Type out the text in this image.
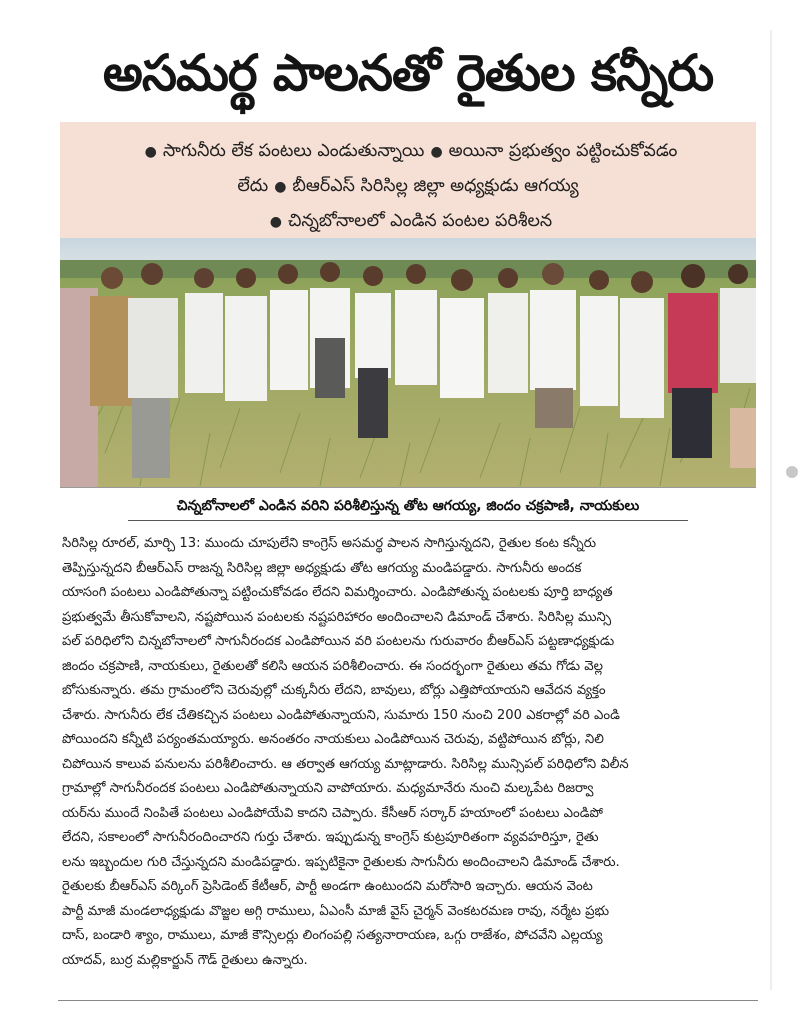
అసమర్థ పాలనతో రైతుల కన్నీరు
● సాగునీరు లేక పంటలు ఎండుతున్నాయి ● అయినా ప్రభుత్వం పట్టించుకోవడం
లేదు ● బీఆర్ఎస్ సిరిసిల్ల జిల్లా అధ్యక్షుడు ఆగయ్య
● చిన్నబోనాలలో ఎండిన పంటల పరిశీలన
చిన్నబోనాలలో ఎండిన వరిని పరిశీలిస్తున్న తోట ఆగయ్య, జిందం చక్రపాణి, నాయకులు
సిరిసిల్ల రూరల్, మార్చి 13: ముందు చూపులేని కాంగ్రెస్ అసమర్థ పాలన సాగిస్తున్నదని, రైతుల కంట కన్నీరు
తెప్పిస్తున్నదని బీఆర్ఎస్ రాజన్న సిరిసిల్ల జిల్లా అధ్యక్షుడు తోట ఆగయ్య మండిపడ్డారు. సాగునీరు అందక
యాసంగి పంటలు ఎండిపోతున్నా పట్టించుకోవడం లేదని విమర్శించారు. ఎండిపోతున్న పంటలకు పూర్తి బాధ్యత
ప్రభుత్వమే తీసుకోవాలని, నష్టపోయిన పంటలకు నష్టపరిహారం అందించాలని డిమాండ్ చేశారు. సిరిసిల్ల మున్సి
పల్ పరిధిలోని చిన్నబోనాలలో సాగునీరందక ఎండిపోయిన వరి పంటలను గురువారం బీఆర్ఎస్ పట్టణాధ్యక్షుడు
జిందం చక్రపాణి, నాయకులు, రైతులతో కలిసి ఆయన పరిశీలించారు. ఈ సందర్భంగా రైతులు తమ గోడు వెల్ల
బోసుకున్నారు. తమ గ్రామంలోని చెరువుల్లో చుక్కనీరు లేదని, బావులు, బోర్లు ఎత్తిపోయాయని ఆవేదన వ్యక్తం
చేశారు. సాగునీరు లేక చేతికచ్చిన పంటలు ఎండిపోతున్నాయని, సుమారు 150 నుంచి 200 ఎకరాల్లో వరి ఎండి
పోయిందని కన్నీటి పర్యంతమయ్యారు. అనంతరం నాయకులు ఎండిపోయిన చెరువు, వట్టిపోయిన బోర్లు, నిలి
చిపోయిన కాలువ పనులను పరిశీలించారు. ఆ తర్వాత ఆగయ్య మాట్లాడారు. సిరిసిల్ల మున్సిపల్ పరిధిలోని విలీన
గ్రామాల్లో సాగునీరందక పంటలు ఎండిపోతున్నాయని వాపోయారు. మధ్యమానేరు నుంచి మల్కపేట రిజర్వా
యర్‌ను ముందే నింపితే పంటలు ఎండిపోయేవి కాదని చెప్పారు. కేసీఆర్ సర్కార్ హయాంలో పంటలు ఎండిపో
లేదని, సకాలంలో సాగునీరందించారని గుర్తు చేశారు. ఇప్పుడున్న కాంగ్రెస్ కుట్రపూరితంగా వ్యవహరిస్తూ, రైతు
లను ఇబ్బందుల గురి చేస్తున్నదని మండిపడ్డారు. ఇప్పటికైనా రైతులకు సాగునీరు అందించాలని డిమాండ్ చేశారు.
రైతులకు బీఆర్ఎస్ వర్కింగ్ ప్రెసిడెంట్ కేటీఆర్, పార్టీ అండగా ఉంటుందని మరోసారి ఇచ్చారు. ఆయన వెంట
పార్టీ మాజీ మండలాధ్యక్షుడు వొజ్జల అగ్గి రాములు, ఏఎంసీ మాజీ వైస్ చైర్మన్ వెంకటరమణ రావు, నర్మేట ప్రభు
దాస్, బండారి శ్యాం, రాములు, మాజీ కౌన్సిలర్లు లింగంపల్లి సత్యనారాయణ, ఒగ్గు రాజేశం, పోచవేని ఎల్లయ్య
యాదవ్, బుర్ర మల్లికార్జున్ గౌడ్ రైతులు ఉన్నారు.
